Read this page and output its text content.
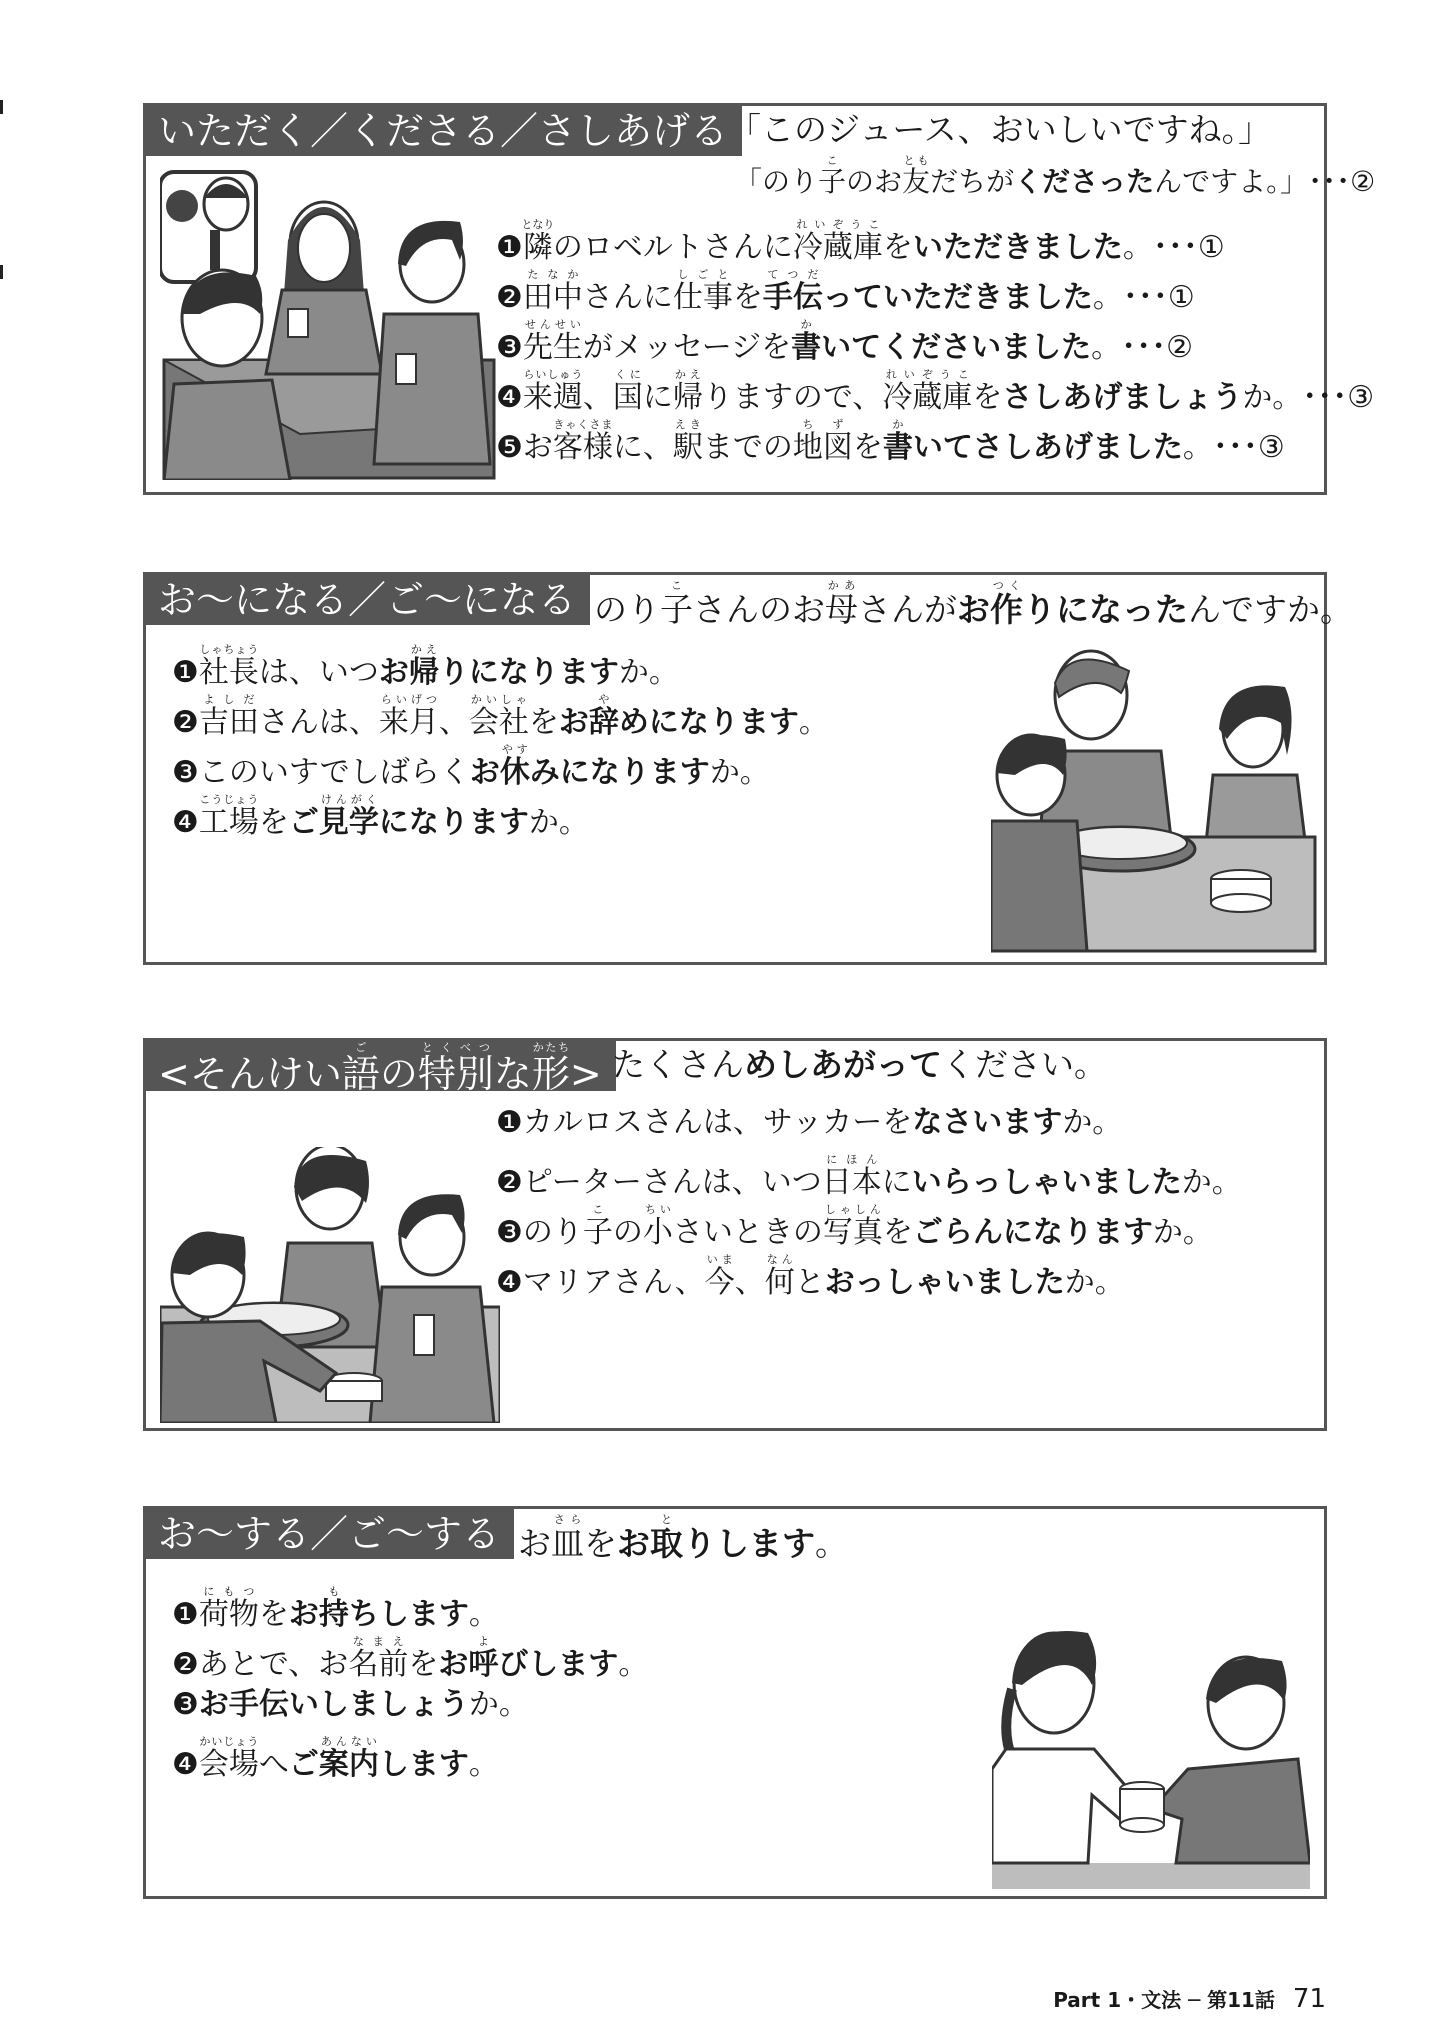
いただく／くださる／さしあげる 「このジュース、おいしいですね。」
「のり子このお友ともだちがくださったんですよ。」･･･②
❶隣となりのロベルトさんに冷蔵庫れいぞうこをいただきました。･･･①
❷田中たなかさんに仕事しごとを手伝てつだっていただきました。･･･①
❸先生せんせいがメッセージを書かいてくださいました。･･･②
❹来週らいしゅう、国くにに帰かえりますので、冷蔵庫れいぞうこをさしあげましょうか。･･･③
❺お客様きゃくさまに、駅えきまでの地図ちずを書かいてさしあげました。･･･③
お～になる／ご～になる のり子こさんのお母かあさんがお作つくりになったんですか。
❶社長しゃちょうは、いつお帰かえりになりますか。
❷吉田よしださんは、来月らいげつ、会社かいしゃをお辞やめになります。
❸このいすでしばらくお休やすみになりますか。
❹工場こうじょうをご見学けんがくになりますか。
<そんけい語ごの特別とくべつな形かたち> たくさんめしあがってください。
❶カルロスさんは、サッカーをなさいますか。
❷ピーターさんは、いつ日本にほんにいらっしゃいましたか。
❸のり子この小ちいさいときの写真しゃしんをごらんになりますか。
❹マリアさん、今いま、何なんとおっしゃいましたか。
お～する／ご～する お皿さらをお取とりします。
❶荷物にもつをお持もちします。
❷あとで、お名前なまえをお呼よびします。
❸お手伝いしましょうか。
❹会場かいじょうへご案内あんないします。
Part 1・文法 ─ 第11話 71
